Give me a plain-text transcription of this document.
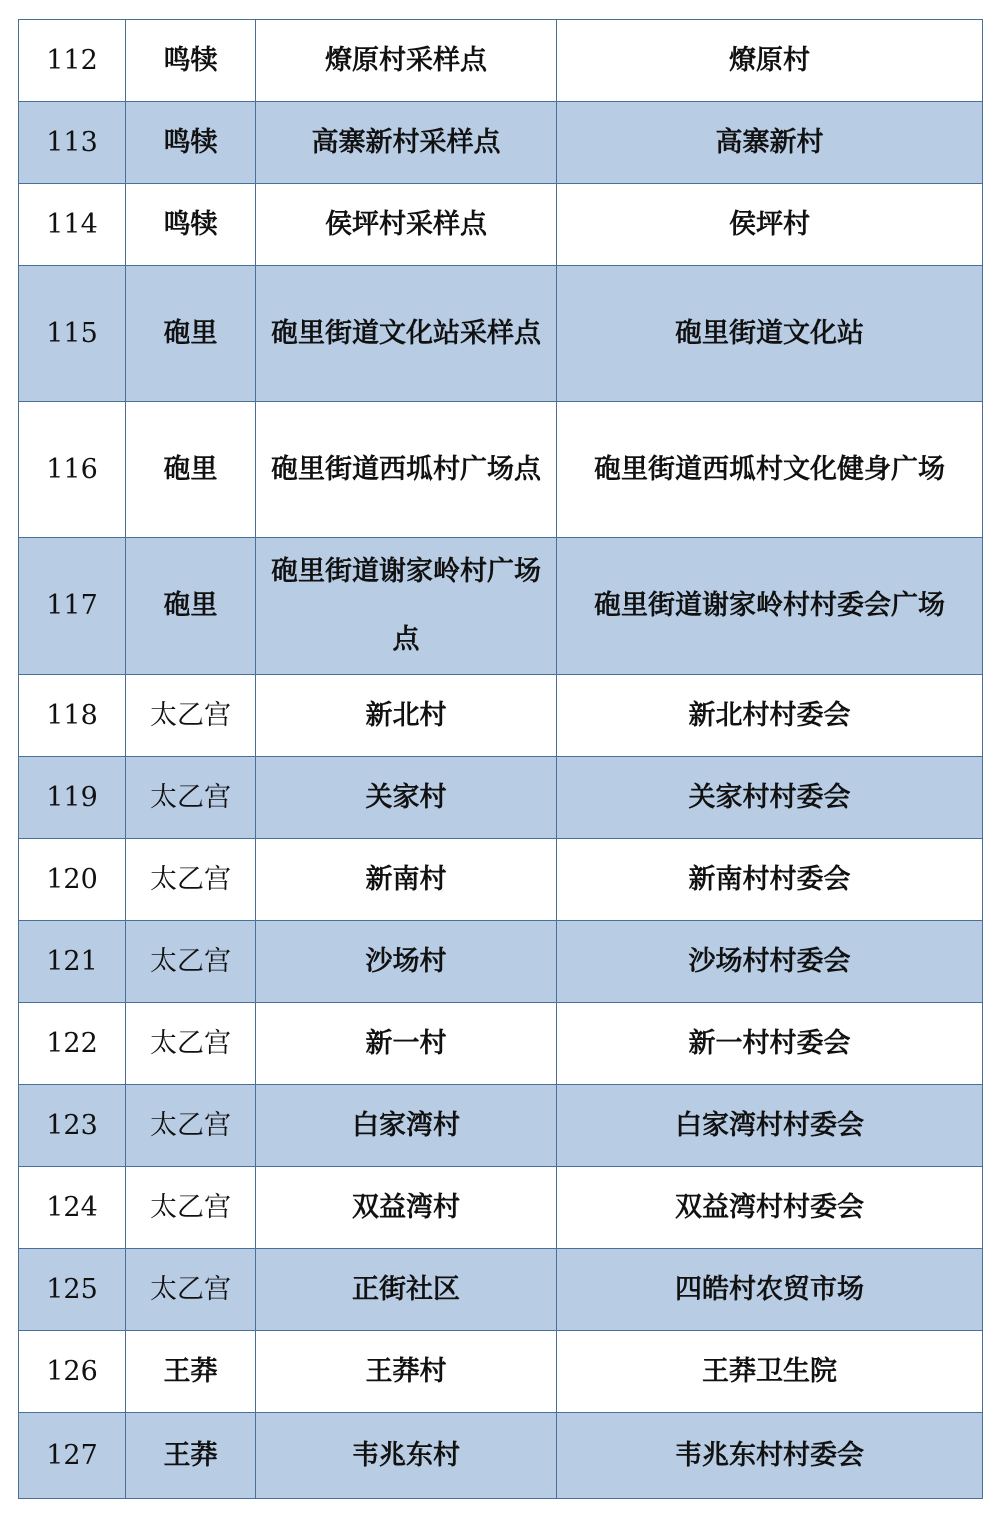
112	鸣犊	燎原村采样点	燎原村
113	鸣犊	高寨新村采样点	高寨新村
114	鸣犊	侯坪村采样点	侯坪村
115	砲里	砲里街道文化站采样点	砲里街道文化站
116	砲里	砲里街道西坬村广场点	砲里街道西坬村文化健身广场
117	砲里	砲里街道谢家岭村广场点	砲里街道谢家岭村村委会广场
118	太乙宫	新北村	新北村村委会
119	太乙宫	关家村	关家村村委会
120	太乙宫	新南村	新南村村委会
121	太乙宫	沙场村	沙场村村委会
122	太乙宫	新一村	新一村村委会
123	太乙宫	白家湾村	白家湾村村委会
124	太乙宫	双益湾村	双益湾村村委会
125	太乙宫	正街社区	四皓村农贸市场
126	王莽	王莽村	王莽卫生院
127	王莽	韦兆东村	韦兆东村村委会
